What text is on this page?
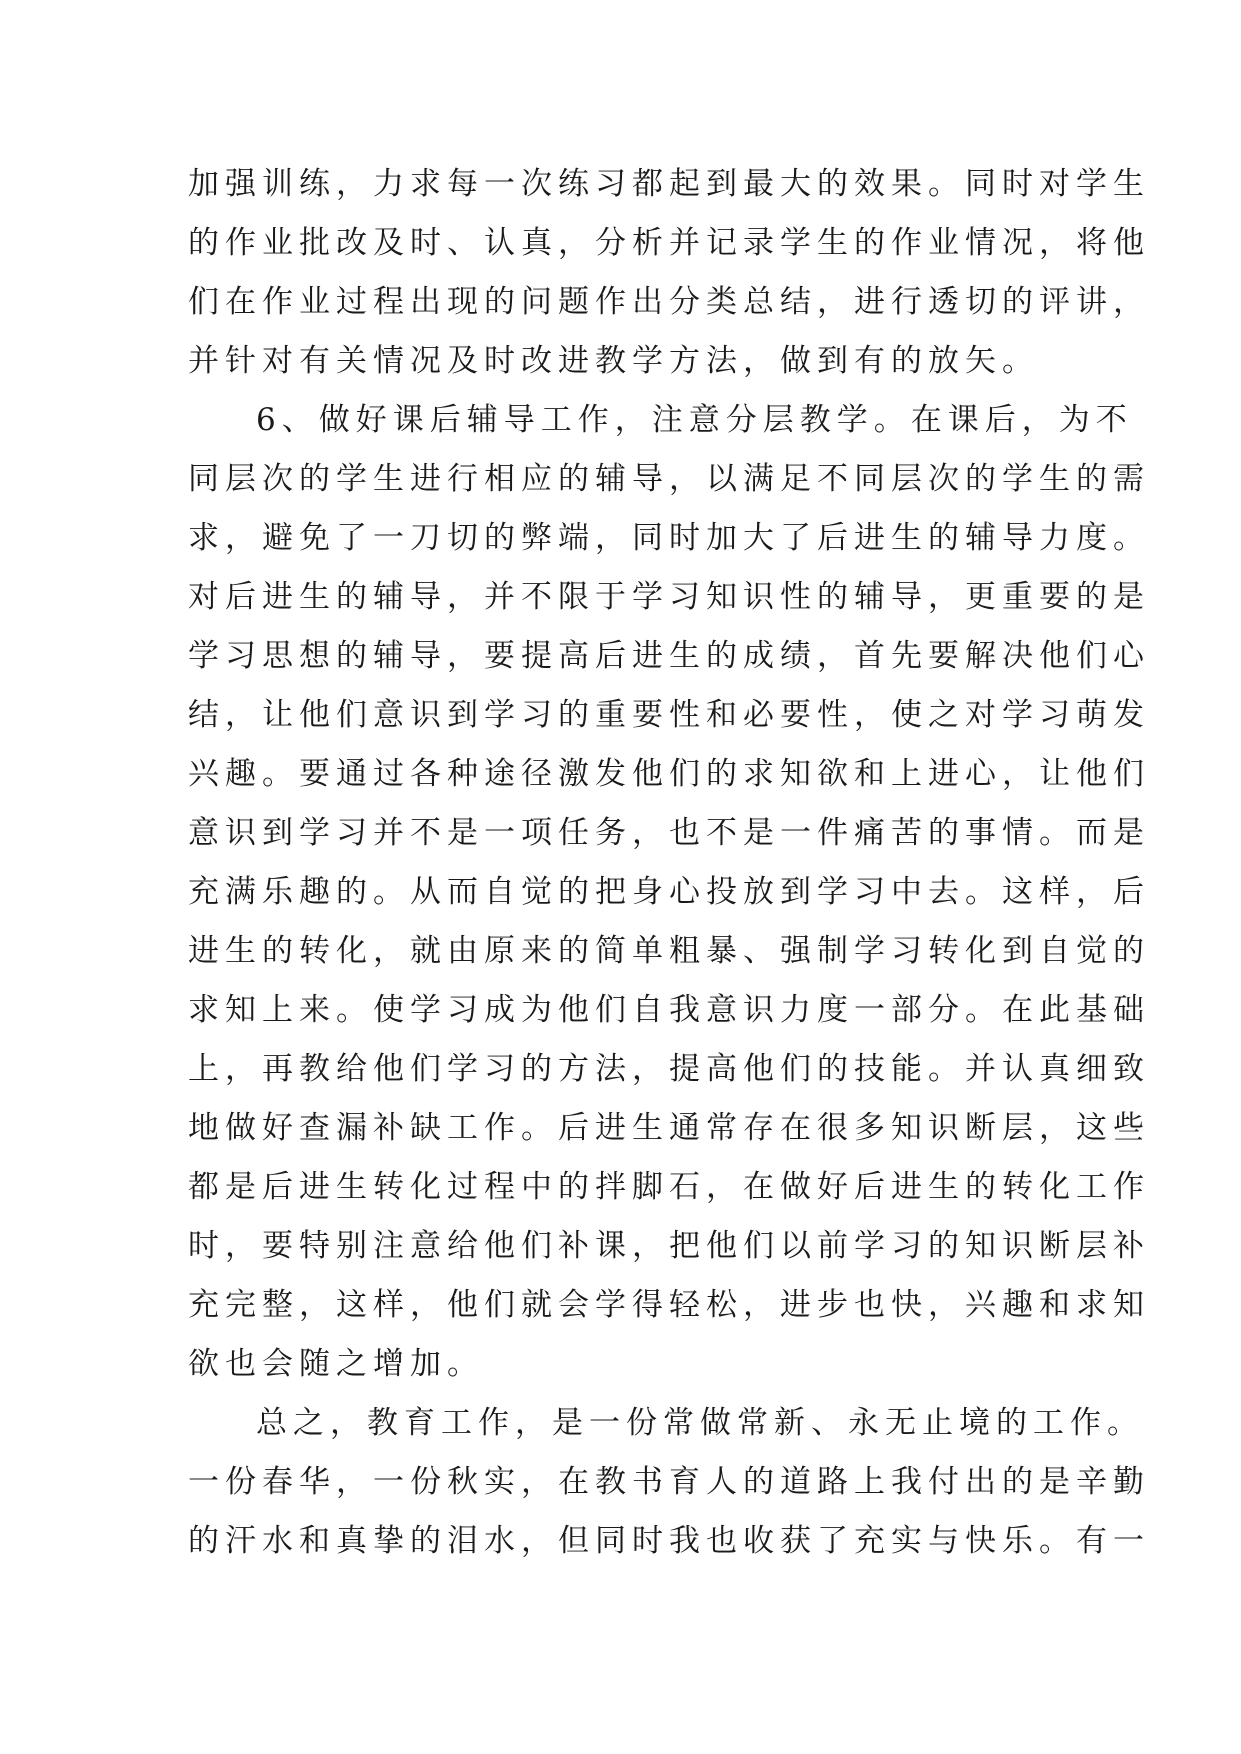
加强训练，力求每一次练习都起到最大的效果。同时对学生
的作业批改及时、认真，分析并记录学生的作业情况，将他
们在作业过程出现的问题作出分类总结，进行透切的评讲，
并针对有关情况及时改进教学方法，做到有的放矢。
6、做好课后辅导工作，注意分层教学。在课后，为不
同层次的学生进行相应的辅导，以满足不同层次的学生的需
求，避免了一刀切的弊端，同时加大了后进生的辅导力度。
对后进生的辅导，并不限于学习知识性的辅导，更重要的是
学习思想的辅导，要提高后进生的成绩，首先要解决他们心
结，让他们意识到学习的重要性和必要性，使之对学习萌发
兴趣。要通过各种途径激发他们的求知欲和上进心，让他们
意识到学习并不是一项任务，也不是一件痛苦的事情。而是
充满乐趣的。从而自觉的把身心投放到学习中去。这样，后
进生的转化，就由原来的简单粗暴、强制学习转化到自觉的
求知上来。使学习成为他们自我意识力度一部分。在此基础
上，再教给他们学习的方法，提高他们的技能。并认真细致
地做好查漏补缺工作。后进生通常存在很多知识断层，这些
都是后进生转化过程中的拌脚石，在做好后进生的转化工作
时，要特别注意给他们补课，把他们以前学习的知识断层补
充完整，这样，他们就会学得轻松，进步也快，兴趣和求知
欲也会随之增加。
总之，教育工作，是一份常做常新、永无止境的工作。
一份春华，一份秋实，在教书育人的道路上我付出的是辛勤
的汗水和真挚的泪水，但同时我也收获了充实与快乐。有一
